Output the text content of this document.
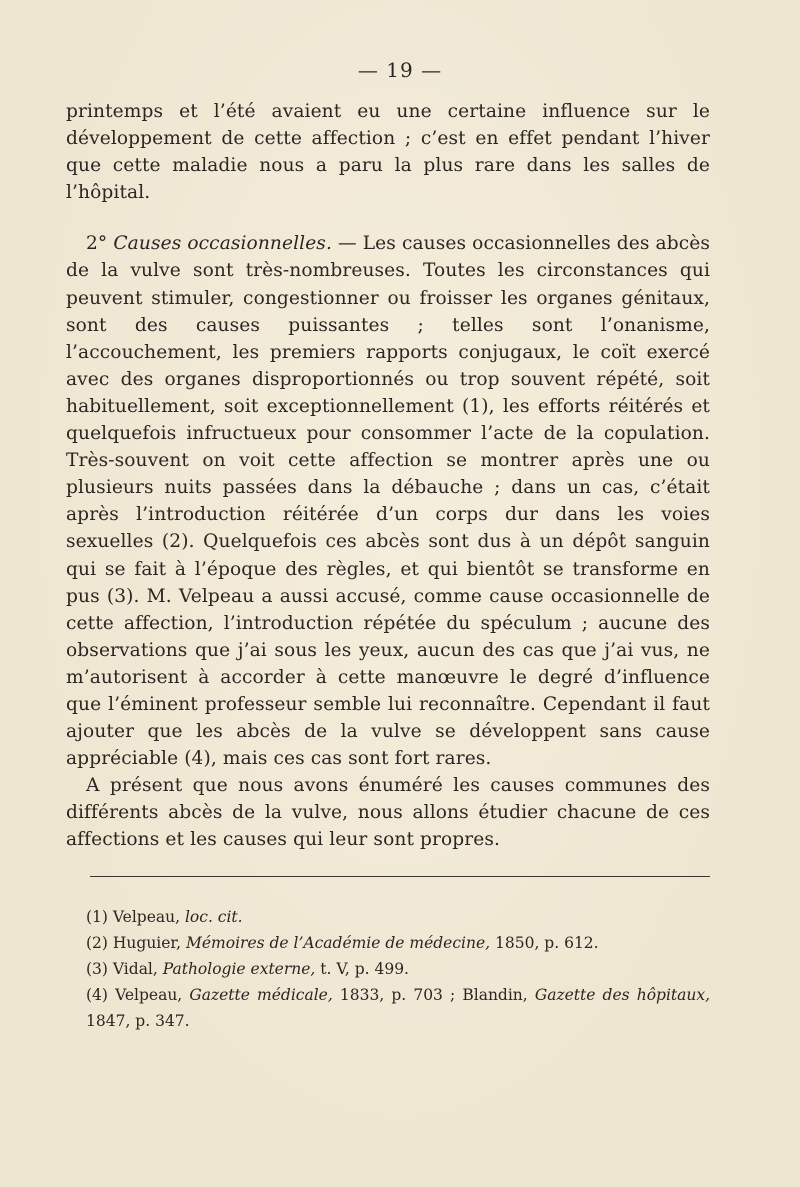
— 19 —

printemps et l’été avaient eu une certaine influence sur le développement de cette affection ; c’est en effet pendant l’hiver que cette maladie nous a paru la plus rare dans les salles de l’hôpital.

2° Causes occasionnelles. — Les causes occasionnelles des abcès de la vulve sont très-nombreuses. Toutes les circonstances qui peuvent stimuler, congestionner ou froisser les organes génitaux, sont des causes puissantes ; telles sont l’onanisme, l’accouchement, les premiers rapports conjugaux, le coït exercé avec des organes disproportionnés ou trop souvent répété, soit habituellement, soit exceptionnellement (1), les efforts réitérés et quelquefois infructueux pour consommer l’acte de la copulation. Très-souvent on voit cette affection se montrer après une ou plusieurs nuits passées dans la débauche ; dans un cas, c’était après l’introduction réitérée d’un corps dur dans les voies sexuelles (2). Quelquefois ces abcès sont dus à un dépôt sanguin qui se fait à l’époque des règles, et qui bientôt se transforme en pus (3). M. Velpeau a aussi accusé, comme cause occasionnelle de cette affection, l’introduction répétée du spéculum ; aucune des observations que j’ai sous les yeux, aucun des cas que j’ai vus, ne m’autorisent à accorder à cette manœuvre le degré d’influence que l’éminent professeur semble lui reconnaître. Cependant il faut ajouter que les abcès de la vulve se développent sans cause appréciable (4), mais ces cas sont fort rares.

A présent que nous avons énuméré les causes communes des différents abcès de la vulve, nous allons étudier chacune de ces affections et les causes qui leur sont propres.

(1) Velpeau, loc. cit.

(2) Huguier, Mémoires de l’Académie de médecine, 1850, p. 612.

(3) Vidal, Pathologie externe, t. V, p. 499.

(4) Velpeau, Gazette médicale, 1833, p. 703 ; Blandin, Gazette des hôpitaux, 1847, p. 347.
